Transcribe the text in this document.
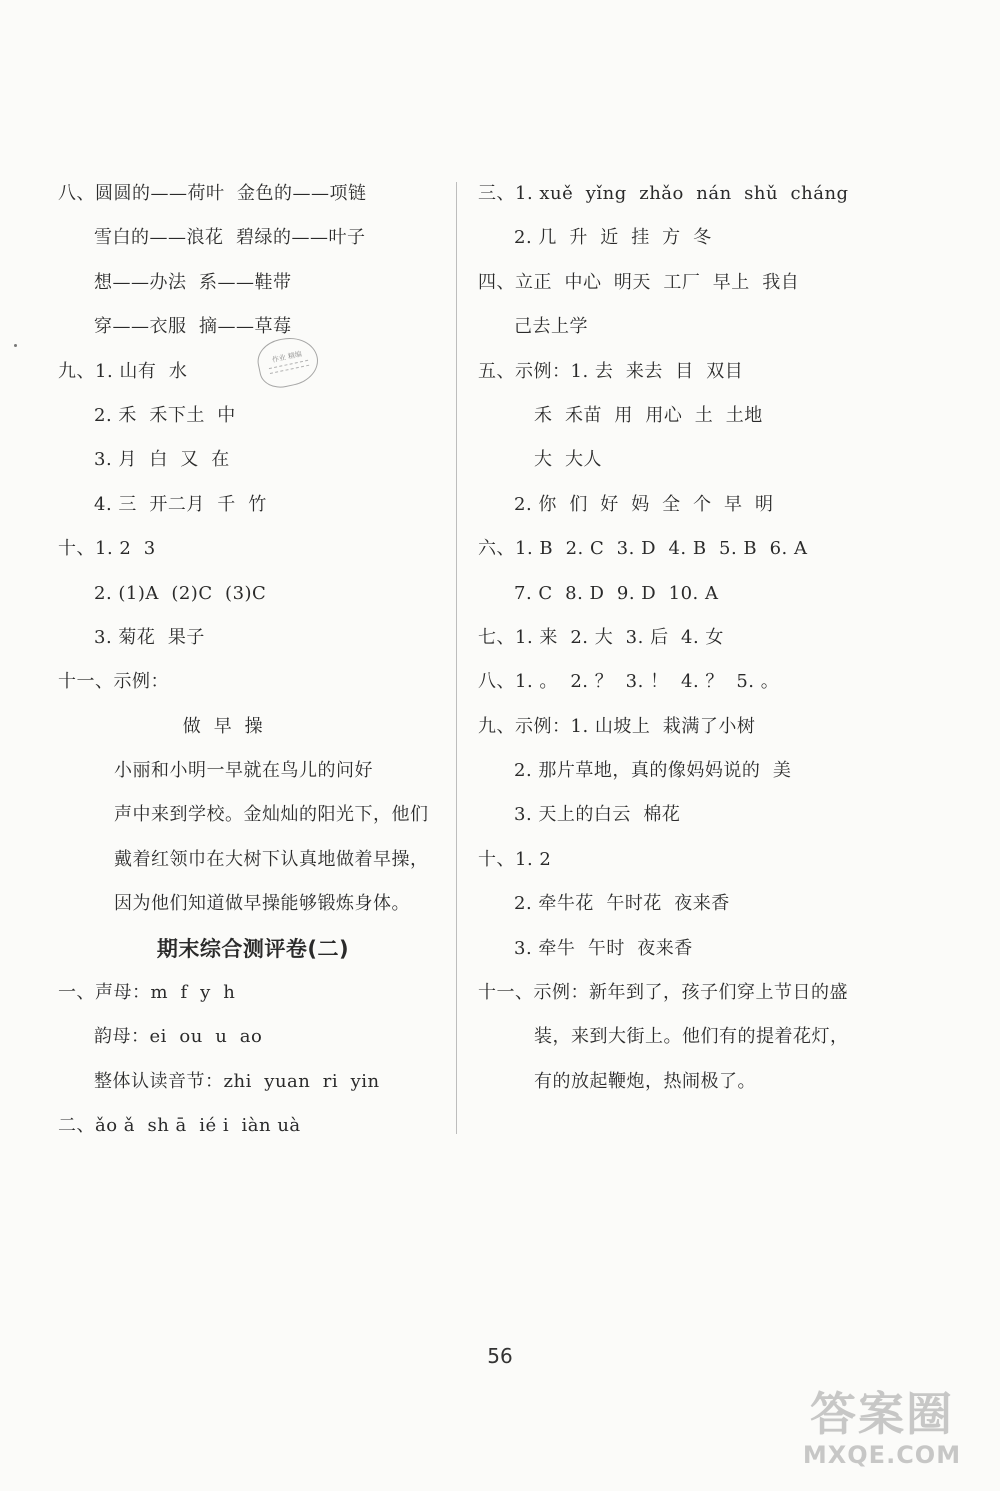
八、圆圆的——荷叶  金色的——项链
雪白的——浪花  碧绿的——叶子
想——办法  系——鞋带
穿——衣服  摘——草莓
九、1. 山有  水
2. 禾  禾下土  中
3. 月  白  又  在
4. 三  开二月  千  竹
十、1. 2  3
2. (1)A  (2)C  (3)C
3. 菊花  果子
十一、示例：
做  早  操
小丽和小明一早就在鸟儿的问好
声中来到学校。金灿灿的阳光下，他们
戴着红领巾在大树下认真地做着早操，
因为他们知道做早操能够锻炼身体。
期末综合测评卷(二)
一、声母：m  f  y  h
韵母：ei  ou  u  ao
整体认读音节：zhi  yuan  ri  yin
二、ǎo ǎ  sh ā  ié i  iàn uà
三、1. xuě  yǐng  zhǎo  nán  shǔ  cháng
2. 几  升  近  挂  方  冬
四、立正  中心  明天  工厂  早上  我自
己去上学
五、示例：1. 去  来去  目  双目
禾  禾苗  用  用心  土  土地
大  大人
2. 你  们  好  妈  全  个  早  明
六、1. B  2. C  3. D  4. B  5. B  6. A
7. C  8. D  9. D  10. A
七、1. 来  2. 大  3. 后  4. 女
八、1. 。  2. ？  3. ！  4. ？  5. 。
九、示例：1. 山坡上  栽满了小树
2. 那片草地，真的像妈妈说的  美
3. 天上的白云  棉花
十、1. 2
2. 牵牛花  午时花  夜来香
3. 牵牛  午时  夜来香
十一、示例：新年到了，孩子们穿上节日的盛
装，来到大街上。他们有的提着花灯，
有的放起鞭炮，热闹极了。
作业 精编
56
答案圈
MXQE.COM
